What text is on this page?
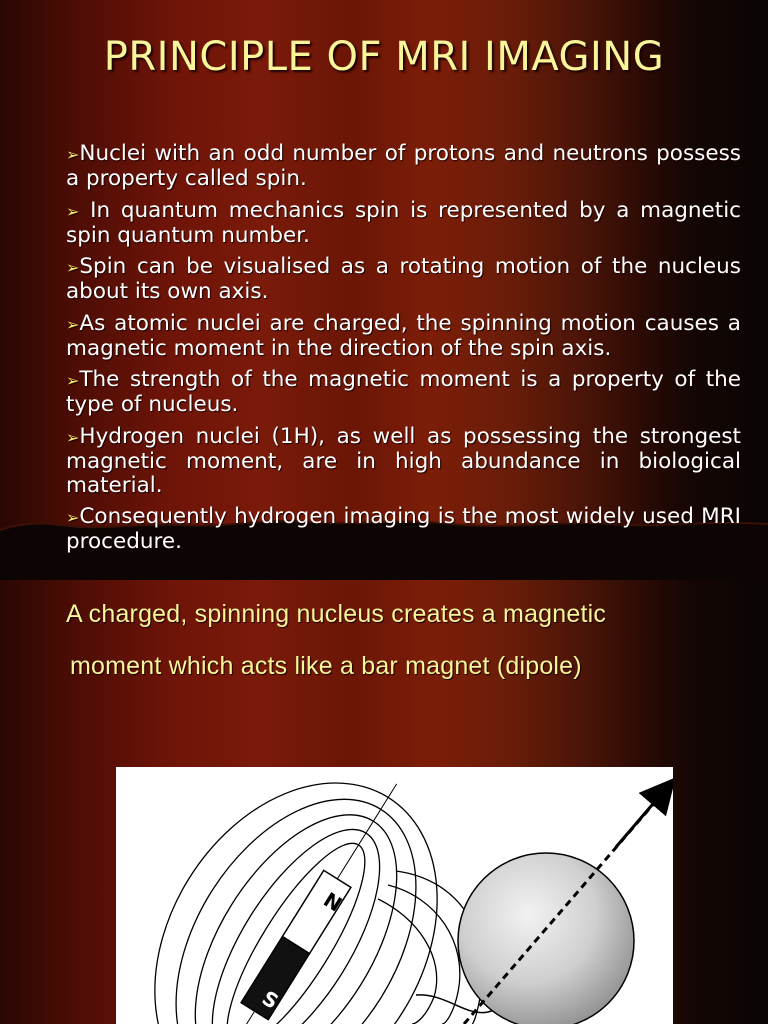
PRINCIPLE OF MRI IMAGING
➢Nuclei with an odd number of protons and neutrons possess a property called spin.
➢ In quantum mechanics spin is represented by a magnetic spin quantum number.
➢Spin can be visualised as a rotating motion of the nucleus about its own axis.
➢As atomic nuclei are charged, the spinning motion causes a magnetic moment in the direction of the spin axis.
➢The strength of the magnetic moment is a property of the type of nucleus.
➢Hydrogen nuclei (1H), as well as possessing the strongest magnetic moment, are in high abundance in biological material.
➢Consequently hydrogen imaging is the most widely used MRI procedure.

A charged, spinning nucleus creates a magnetic

moment which acts like a bar magnet (dipole)

S
N
